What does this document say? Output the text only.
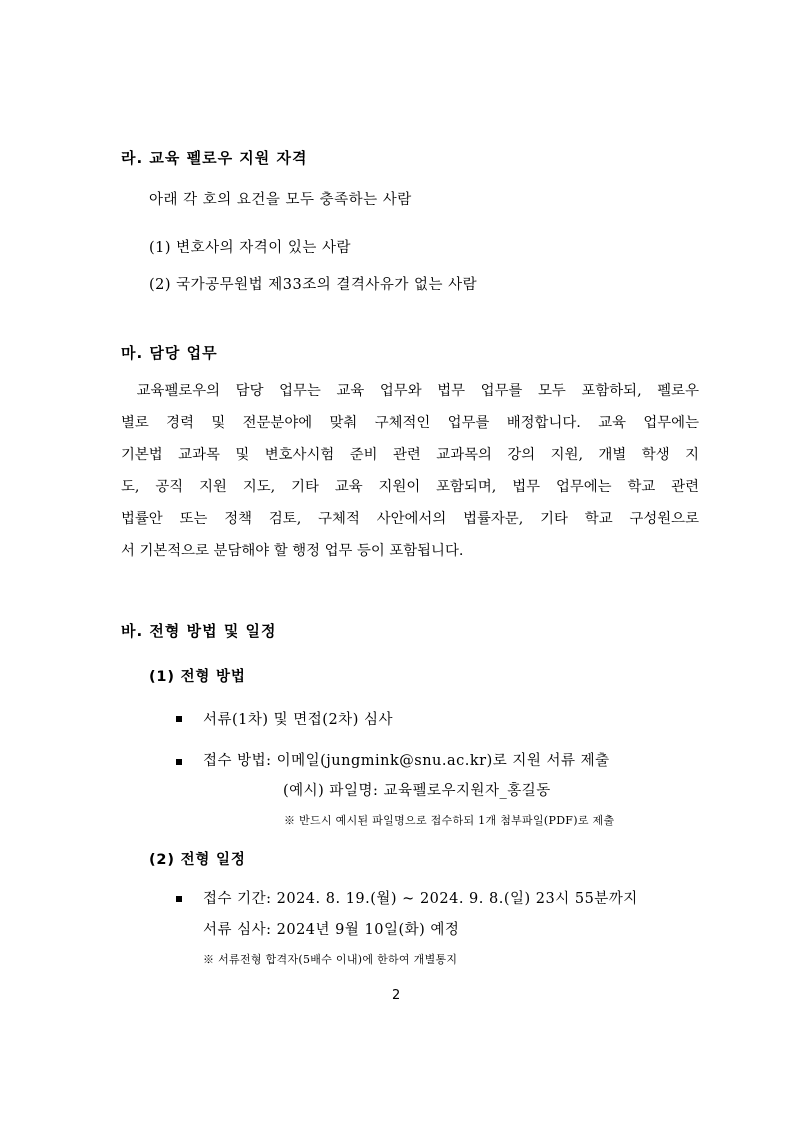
라. 교육 펠로우 지원 자격
아래 각 호의 요건을 모두 충족하는 사람
(1) 변호사의 자격이 있는 사람
(2) 국가공무원법 제33조의 결격사유가 없는 사람
마. 담당 업무
교육펠로우의 담당 업무는 교육 업무와 법무 업무를 모두 포함하되, 펠로우
별로 경력 및 전문분야에 맞춰 구체적인 업무를 배정합니다. 교육 업무에는
기본법 교과목 및 변호사시험 준비 관련 교과목의 강의 지원, 개별 학생 지
도, 공직 지원 지도, 기타 교육 지원이 포함되며, 법무 업무에는 학교 관련
법률안 또는 정책 검토, 구체적 사안에서의 법률자문, 기타 학교 구성원으로
서 기본적으로 분담해야 할 행정 업무 등이 포함됩니다.
바. 전형 방법 및 일정
(1) 전형 방법
서류(1차) 및 면접(2차) 심사
접수 방법: 이메일(jungmink@snu.ac.kr)로 지원 서류 제출
(예시) 파일명: 교육펠로우지원자_홍길동
※ 반드시 예시된 파일명으로 접수하되 1개 첨부파일(PDF)로 제출
(2) 전형 일정
접수 기간: 2024. 8. 19.(월) ~ 2024. 9. 8.(일) 23시 55분까지
서류 심사: 2024년 9월 10일(화) 예정
※ 서류전형 합격자(5배수 이내)에 한하여 개별통지
2
